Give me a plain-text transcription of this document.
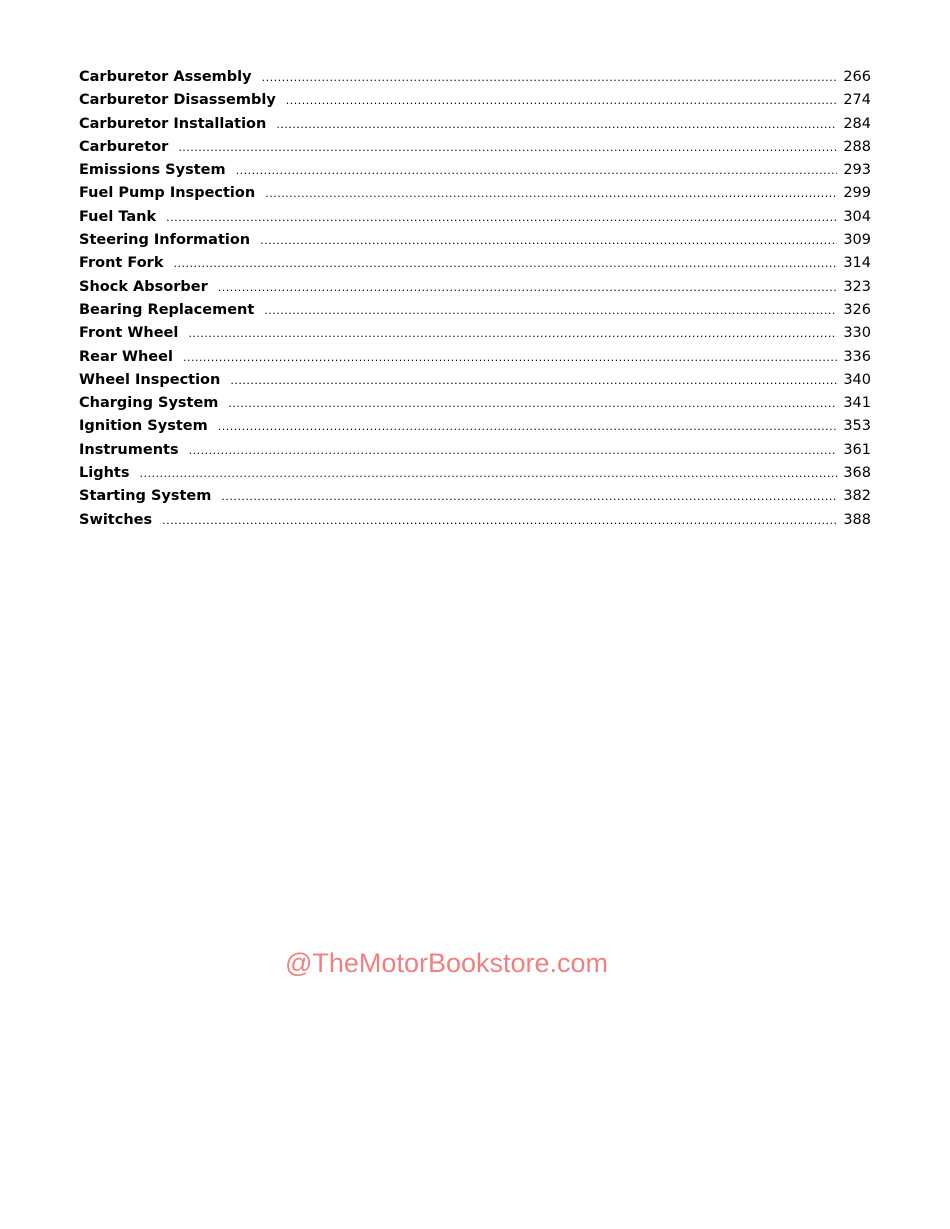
Carburetor Assembly .....	266
Carburetor Disassembly .....	274
Carburetor Installation .....	284
Carburetor .....	288
Emissions System .....	293
Fuel Pump Inspection .....	299
Fuel Tank .....	304
Steering Information .....	309
Front Fork .....	314
Shock Absorber .....	323
Bearing Replacement .....	326
Front Wheel .....	330
Rear Wheel .....	336
Wheel Inspection .....	340
Charging System .....	341
Ignition System .....	353
Instruments .....	361
Lights .....	368
Starting System .....	382
Switches .....	388
@TheMotorBookstore.com
